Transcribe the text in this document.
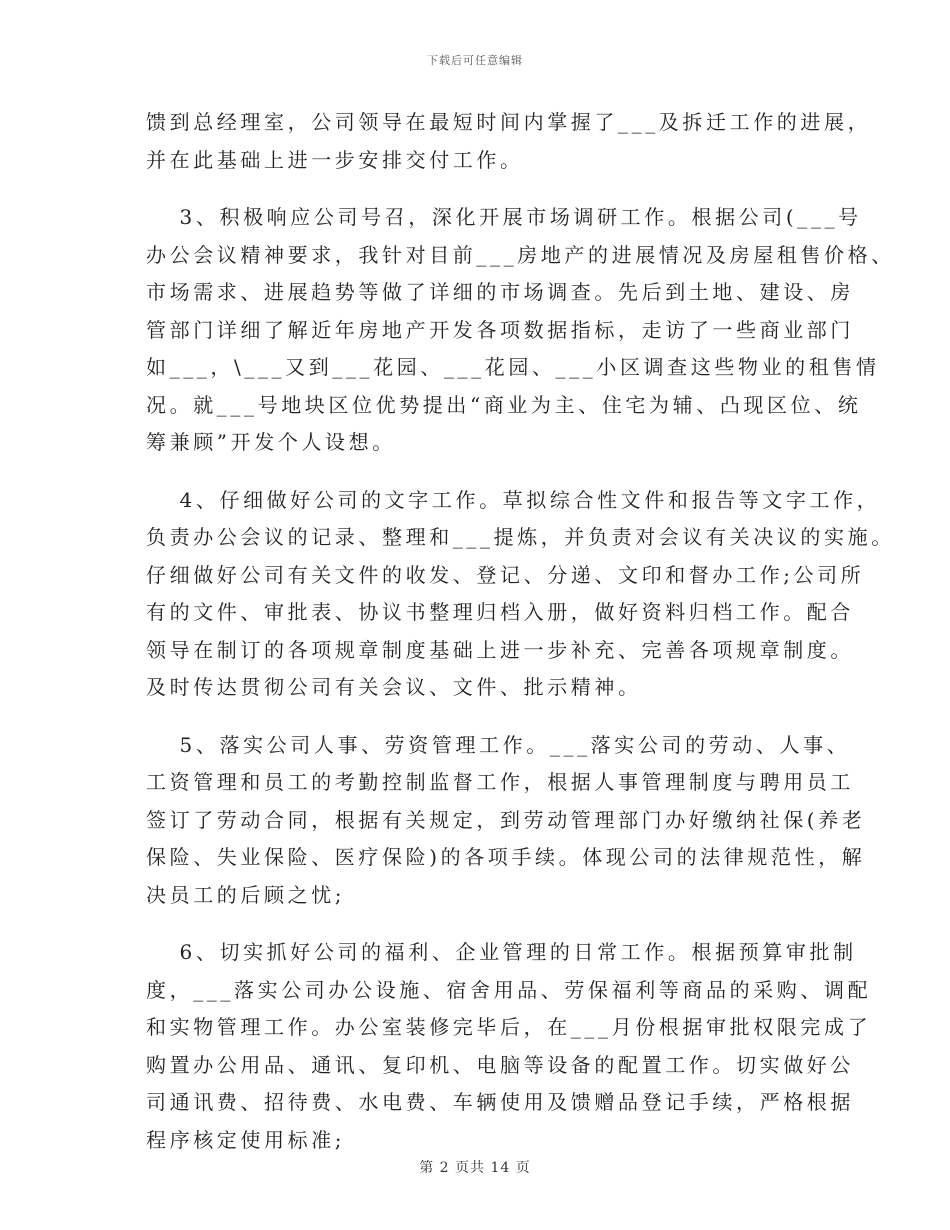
下载后可任意编辑
馈到总经理室，公司领导在最短时间内掌握了___及拆迁工作的进展，
并在此基础上进一步安排交付工作。
　 3、积极响应公司号召，深化开展市场调研工作。根据公司(___号
办公会议精神要求，我针对目前___房地产的进展情况及房屋租售价格、
市场需求、进展趋势等做了详细的市场调查。先后到土地、建设、房
管部门详细了解近年房地产开发各项数据指标，走访了一些商业部门
如___，\___又到___花园、___花园、___小区调查这些物业的租售情
况。就___号地块区位优势提出“商业为主、住宅为辅、凸现区位、统
筹兼顾”开发个人设想。
　 4、仔细做好公司的文字工作。草拟综合性文件和报告等文字工作，
负责办公会议的记录、整理和___提炼，并负责对会议有关决议的实施。
仔细做好公司有关文件的收发、登记、分递、文印和督办工作;公司所
有的文件、审批表、协议书整理归档入册，做好资料归档工作。配合
领导在制订的各项规章制度基础上进一步补充、完善各项规章制度。
及时传达贯彻公司有关会议、文件、批示精神。
　 5、落实公司人事、劳资管理工作。___落实公司的劳动、人事、
工资管理和员工的考勤控制监督工作，根据人事管理制度与聘用员工
签订了劳动合同，根据有关规定，到劳动管理部门办好缴纳社保(养老
保险、失业保险、医疗保险)的各项手续。体现公司的法律规范性，解
决员工的后顾之忧;
　 6、切实抓好公司的福利、企业管理的日常工作。根据预算审批制
度，___落实公司办公设施、宿舍用品、劳保福利等商品的采购、调配
和实物管理工作。办公室装修完毕后，在___月份根据审批权限完成了
购置办公用品、通讯、复印机、电脑等设备的配置工作。切实做好公
司通讯费、招待费、水电费、车辆使用及馈赠品登记手续，严格根据
程序核定使用标准;
第 2 页共 14 页
